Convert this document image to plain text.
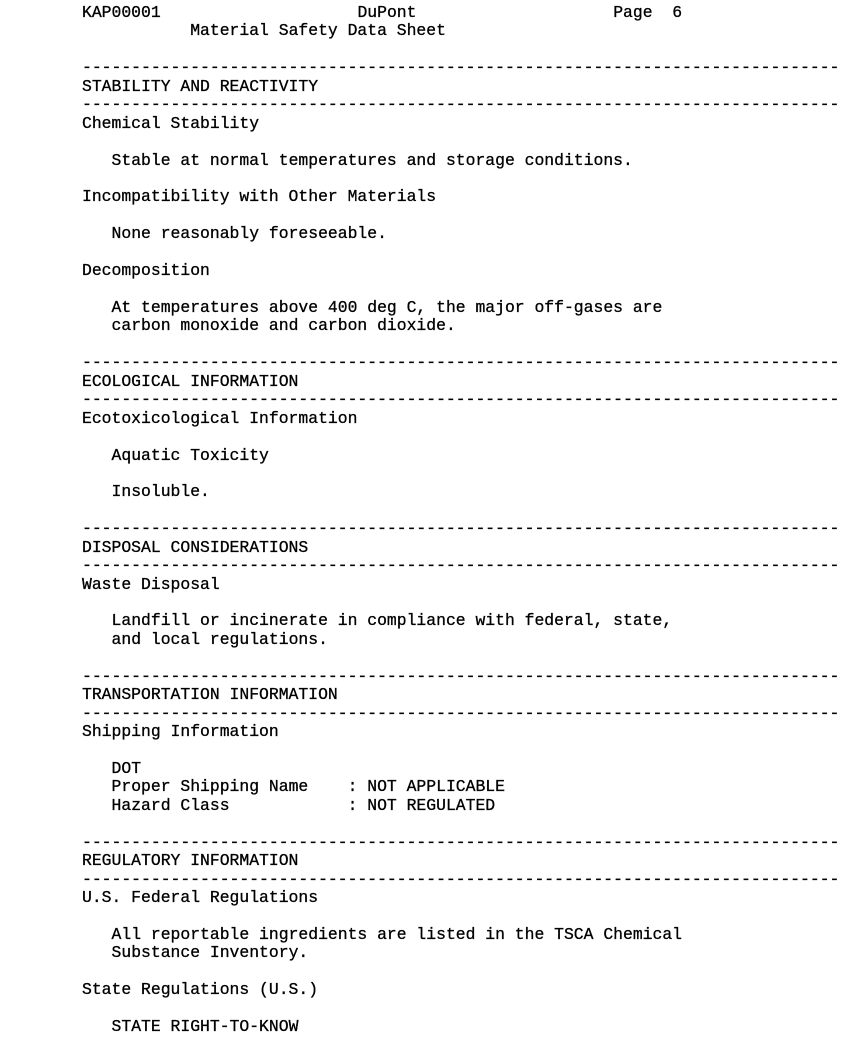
KAP00001	DuPont	Page 6
Material Safety Data Sheet
-----------------------------------------------------------------------------
STABILITY AND REACTIVITY
-----------------------------------------------------------------------------
Chemical Stability
Stable at normal temperatures and storage conditions.
Incompatibility with Other Materials
None reasonably foreseeable.
Decomposition
At temperatures above 400 deg C, the major off-gases are
carbon monoxide and carbon dioxide.
-----------------------------------------------------------------------------
ECOLOGICAL INFORMATION
-----------------------------------------------------------------------------
Ecotoxicological Information
Aquatic Toxicity
Insoluble.
-----------------------------------------------------------------------------
DISPOSAL CONSIDERATIONS
-----------------------------------------------------------------------------
Waste Disposal
Landfill or incinerate in compliance with federal, state,
and local regulations.
-----------------------------------------------------------------------------
TRANSPORTATION INFORMATION
-----------------------------------------------------------------------------
Shipping Information
DOT
Proper Shipping Name    : NOT APPLICABLE
Hazard Class            : NOT REGULATED
-----------------------------------------------------------------------------
REGULATORY INFORMATION
-----------------------------------------------------------------------------
U.S. Federal Regulations
All reportable ingredients are listed in the TSCA Chemical
Substance Inventory.
State Regulations (U.S.)
STATE RIGHT-TO-KNOW
